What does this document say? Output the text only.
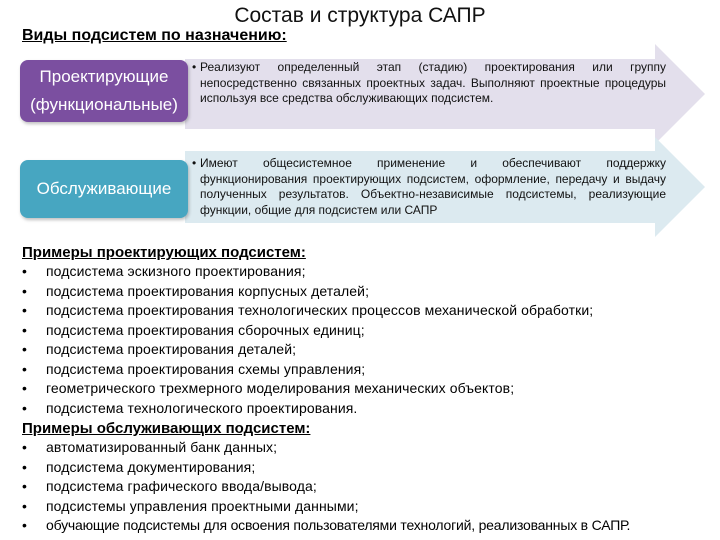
Состав и структура САПР
Виды подсистем по назначению:
• Реализуют определенный этап (стадию) проектирования или группу непосредственно связанных проектных задач. Выполняют проектные процедуры используя все средства обслуживающих подсистем.
Проектирующие
(функциональные)
• Имеют общесистемное применение и обеспечивают поддержку функционирования проектирующих подсистем, оформление, передачу и выдачу полученных результатов. Объектно-независимые подсистемы, реализующие функции, общие для подсистем или САПР
Обслуживающие
Примеры проектирующих подсистем:
• подсистема эскизного проектирования;
• подсистема проектирования корпусных деталей;
• подсистема проектирования технологических процессов механической обработки;
• подсистема проектирования сборочных единиц;
• подсистема проектирования деталей;
• подсистема проектирования схемы управления;
• геометрического трехмерного моделирования механических объектов;
• подсистема технологического проектирования.
Примеры обслуживающих подсистем:
• автоматизированный банк данных;
• подсистема документирования;
• подсистема графического ввода/вывода;
• подсистемы управления проектными данными;
• обучающие подсистемы для освоения пользователями технологий, реализованных в САПР.
